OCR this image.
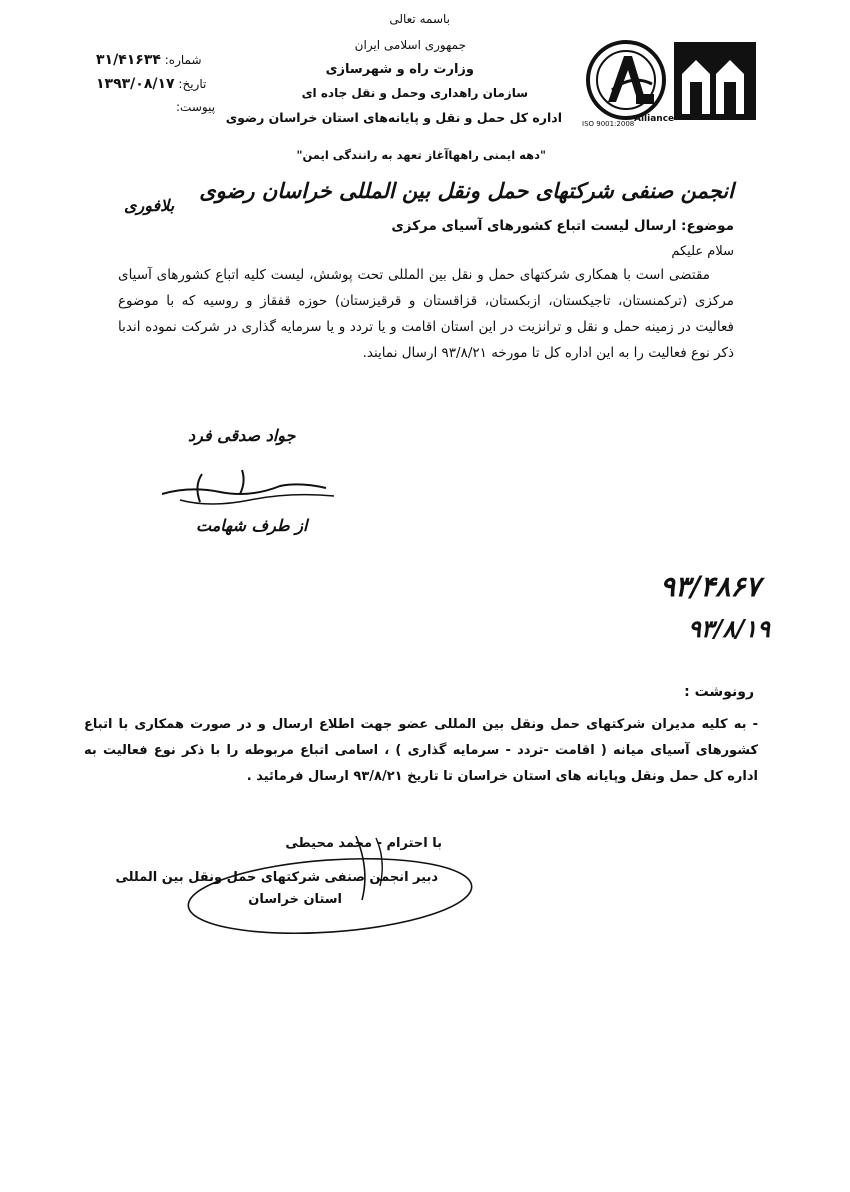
Alliance
ISO 9001:2008
باسمه تعالی
جمهوری اسلامی ایران
وزارت راه و شهرسازی
سازمان راهداری وحمل و نقل جاده ای
اداره کل حمل و نقل و پایانه‌های استان خراسان رضوی
شماره: ۳۱/۴۱۶۳۴
تاریخ: ۱۳۹۳/۰۸/۱۷
پیوست:
"دهه ایمنی راههاآغاز تعهد به رانندگی ایمن"
انجمن صنفی شرکتهای حمل ونقل بین المللی خراسان رضوی
بلافوری
موضوع: ارسال لیست اتباع کشورهای آسیای مرکزی
سلام علیکم
مقتضی است با همکاری شرکتهای حمل و نقل بین المللی تحت پوشش، لیست کلیه اتباع کشورهای آسیای مرکزی (ترکمنستان، تاجیکستان، ازبکستان، قزاقستان و قرقیزستان) حوزه قفقاز و روسیه که با موضوع فعالیت در زمینه حمل و نقل و ترانزیت در این استان اقامت و یا تردد و یا سرمایه گذاری در شرکت نموده اندبا ذکر نوع فعالیت را به این اداره کل تا مورخه ۹۳/۸/۲۱ ارسال نمایند.
جواد صدقی فرد
از طرف شهامت
۹۳/۴۸۶۷
۹۳/۸/۱۹
رونوشت :
- به کلیه مدیران شرکتهای حمل ونقل بین المللی عضو جهت اطلاع ارسال و در صورت همکاری با اتباع کشورهای آسیای میانه ( اقامت -تردد - سرمایه گذاری ) ، اسامی اتباع مربوطه را با ذکر نوع فعالیت به اداره کل حمل ونقل وپایانه های استان خراسان تا تاریخ ۹۳/۸/۲۱ ارسال فرمائید .
با احترام - محمد محیطی
دبیر انجمن صنفی شرکتهای حمل ونقل بین المللی
استان خراسان
